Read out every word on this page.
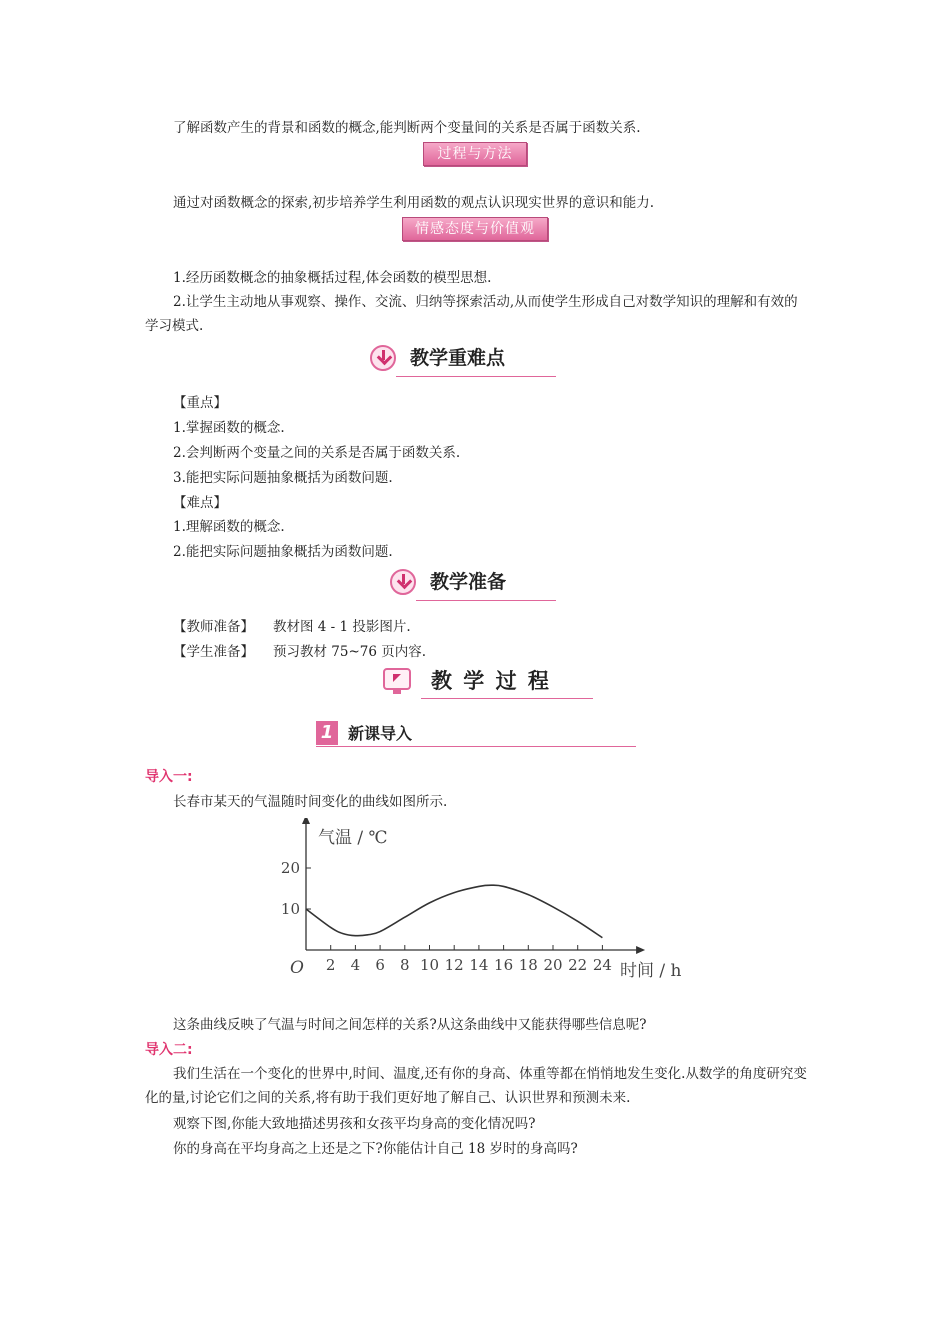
了解函数产生的背景和函数的概念,能判断两个变量间的关系是否属于函数关系.
过程与方法
通过对函数概念的探索,初步培养学生利用函数的观点认识现实世界的意识和能力.
情感态度与价值观
1.经历函数概念的抽象概括过程,体会函数的模型思想.
2.让学生主动地从事观察、操作、交流、归纳等探索活动,从而使学生形成自己对数学知识的理解和有效的学习模式.
教学重难点
【重点】
1.掌握函数的概念.
2.会判断两个变量之间的关系是否属于函数关系.
3.能把实际问题抽象概括为函数问题.
【难点】
1.理解函数的概念.
2.能把实际问题抽象概括为函数问题.
教学准备
【教师准备】 教材图 4 - 1 投影图片.
【学生准备】 预习教材 75~76 页内容.
教 学 过 程
1 新课导入
导入一:
长春市某天的气温随时间变化的曲线如图所示.
2 4 6 8 10 12 14 16 18 20 22 24
10
20
气温 ∕ ℃
时间 ∕ h
O
这条曲线反映了气温与时间之间怎样的关系?从这条曲线中又能获得哪些信息呢?
导入二:
我们生活在一个变化的世界中,时间、温度,还有你的身高、体重等都在悄悄地发生变化.从数学的角度研究变化的量,讨论它们之间的关系,将有助于我们更好地了解自己、认识世界和预测未来.
观察下图,你能大致地描述男孩和女孩平均身高的变化情况吗?
你的身高在平均身高之上还是之下?你能估计自己 18 岁时的身高吗?
